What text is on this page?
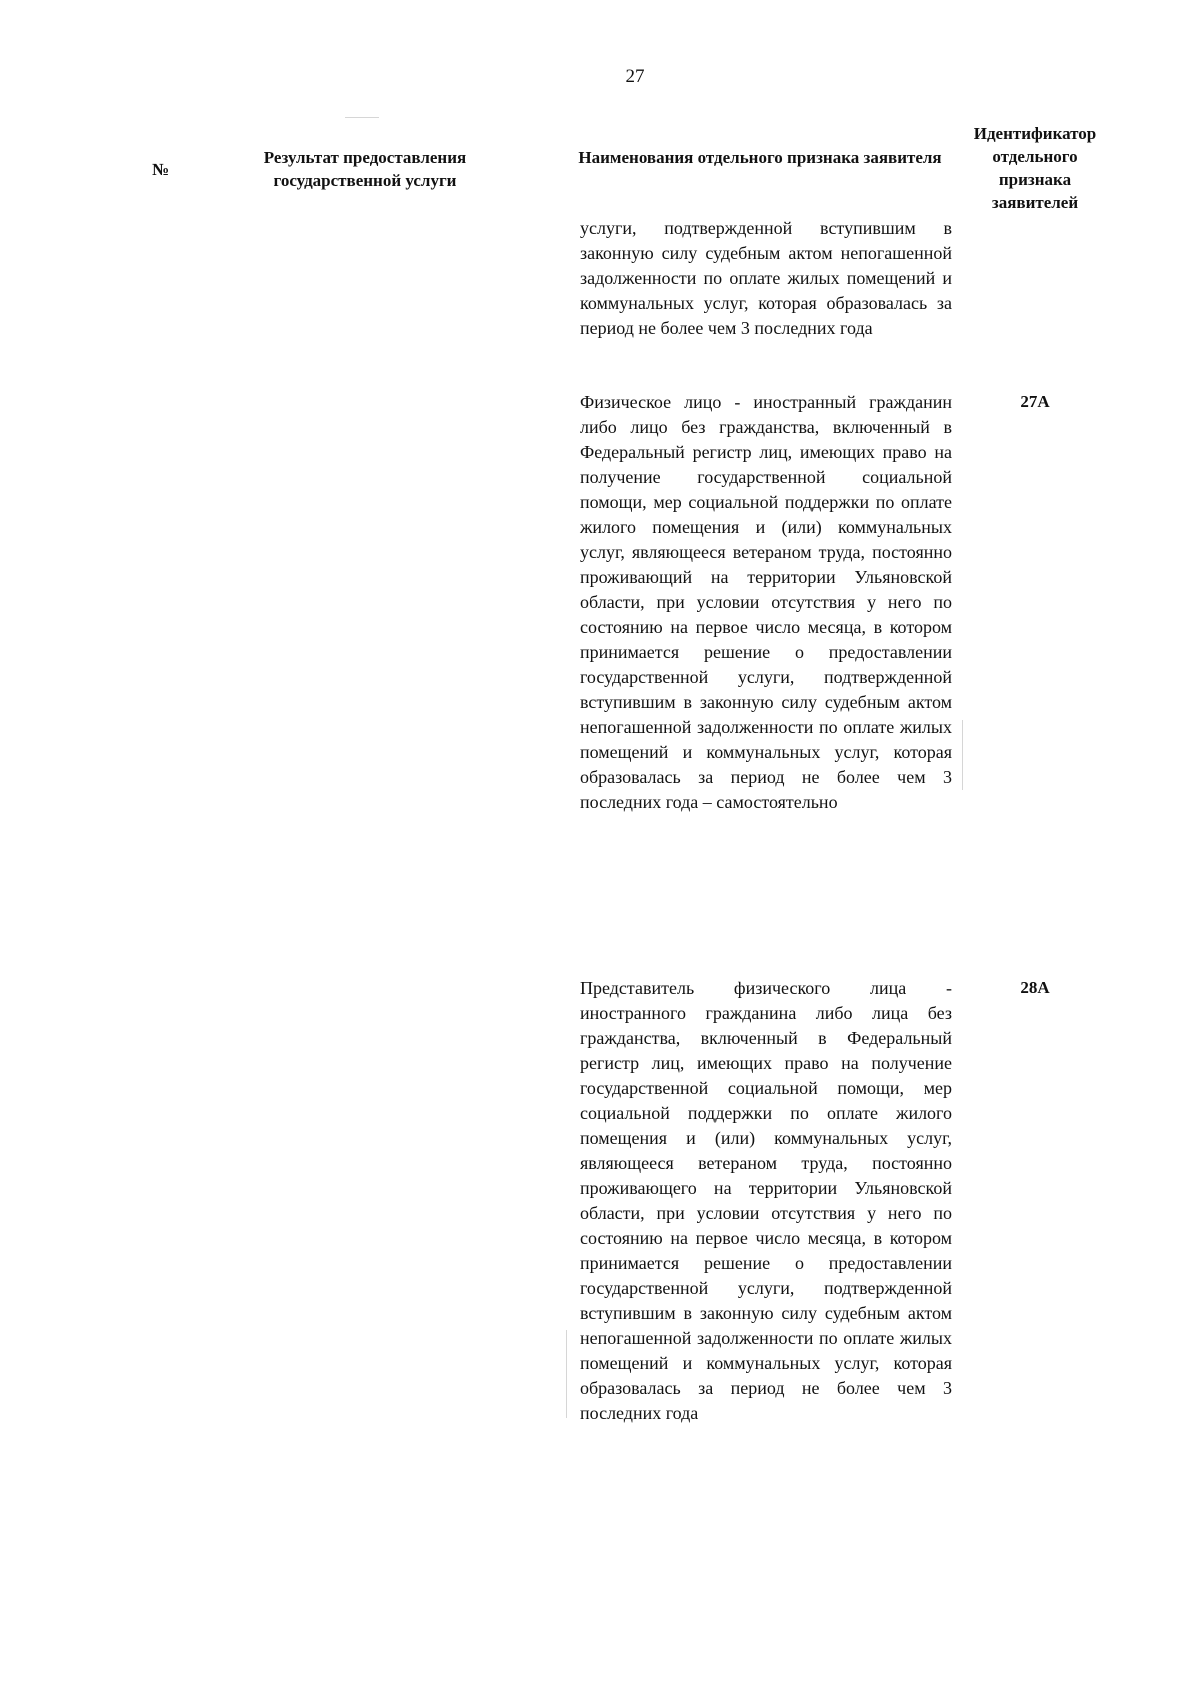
27
№
Результат предоставления государственной услуги
Наименования отдельного признака заявителя
Идентификатор отдельного признака заявителей
услуги, подтвержденной вступившим в законную силу судебным актом непогашенной задолженности по оплате жилых помещений и коммунальных услуг, которая образовалась за период не более чем 3 последних года
Физическое лицо - иностранный гражданин либо лицо без гражданства, включенный в Федеральный регистр лиц, имеющих право на получение государственной социальной помощи, мер социальной поддержки по оплате жилого помещения и (или) коммунальных услуг, являющееся ветераном труда, постоянно проживающий на территории Ульяновской области, при условии отсутствия у него по состоянию на первое число месяца, в котором принимается решение о предоставлении государственной услуги, подтвержденной вступившим в законную силу судебным актом непогашенной задолженности по оплате жилых помещений и коммунальных услуг, которая образовалась за период не более чем 3 последних года – самостоятельно
27А
Представитель физического лица - иностранного гражданина либо лица без гражданства, включенный в Федеральный регистр лиц, имеющих право на получение государственной социальной помощи, мер социальной поддержки по оплате жилого помещения и (или) коммунальных услуг, являющееся ветераном труда, постоянно проживающего на территории Ульяновской области, при условии отсутствия у него по состоянию на первое число месяца, в котором принимается решение о предоставлении государственной услуги, подтвержденной вступившим в законную силу судебным актом непогашенной задолженности по оплате жилых помещений и коммунальных услуг, которая образовалась за период не более чем 3 последних года
28А
